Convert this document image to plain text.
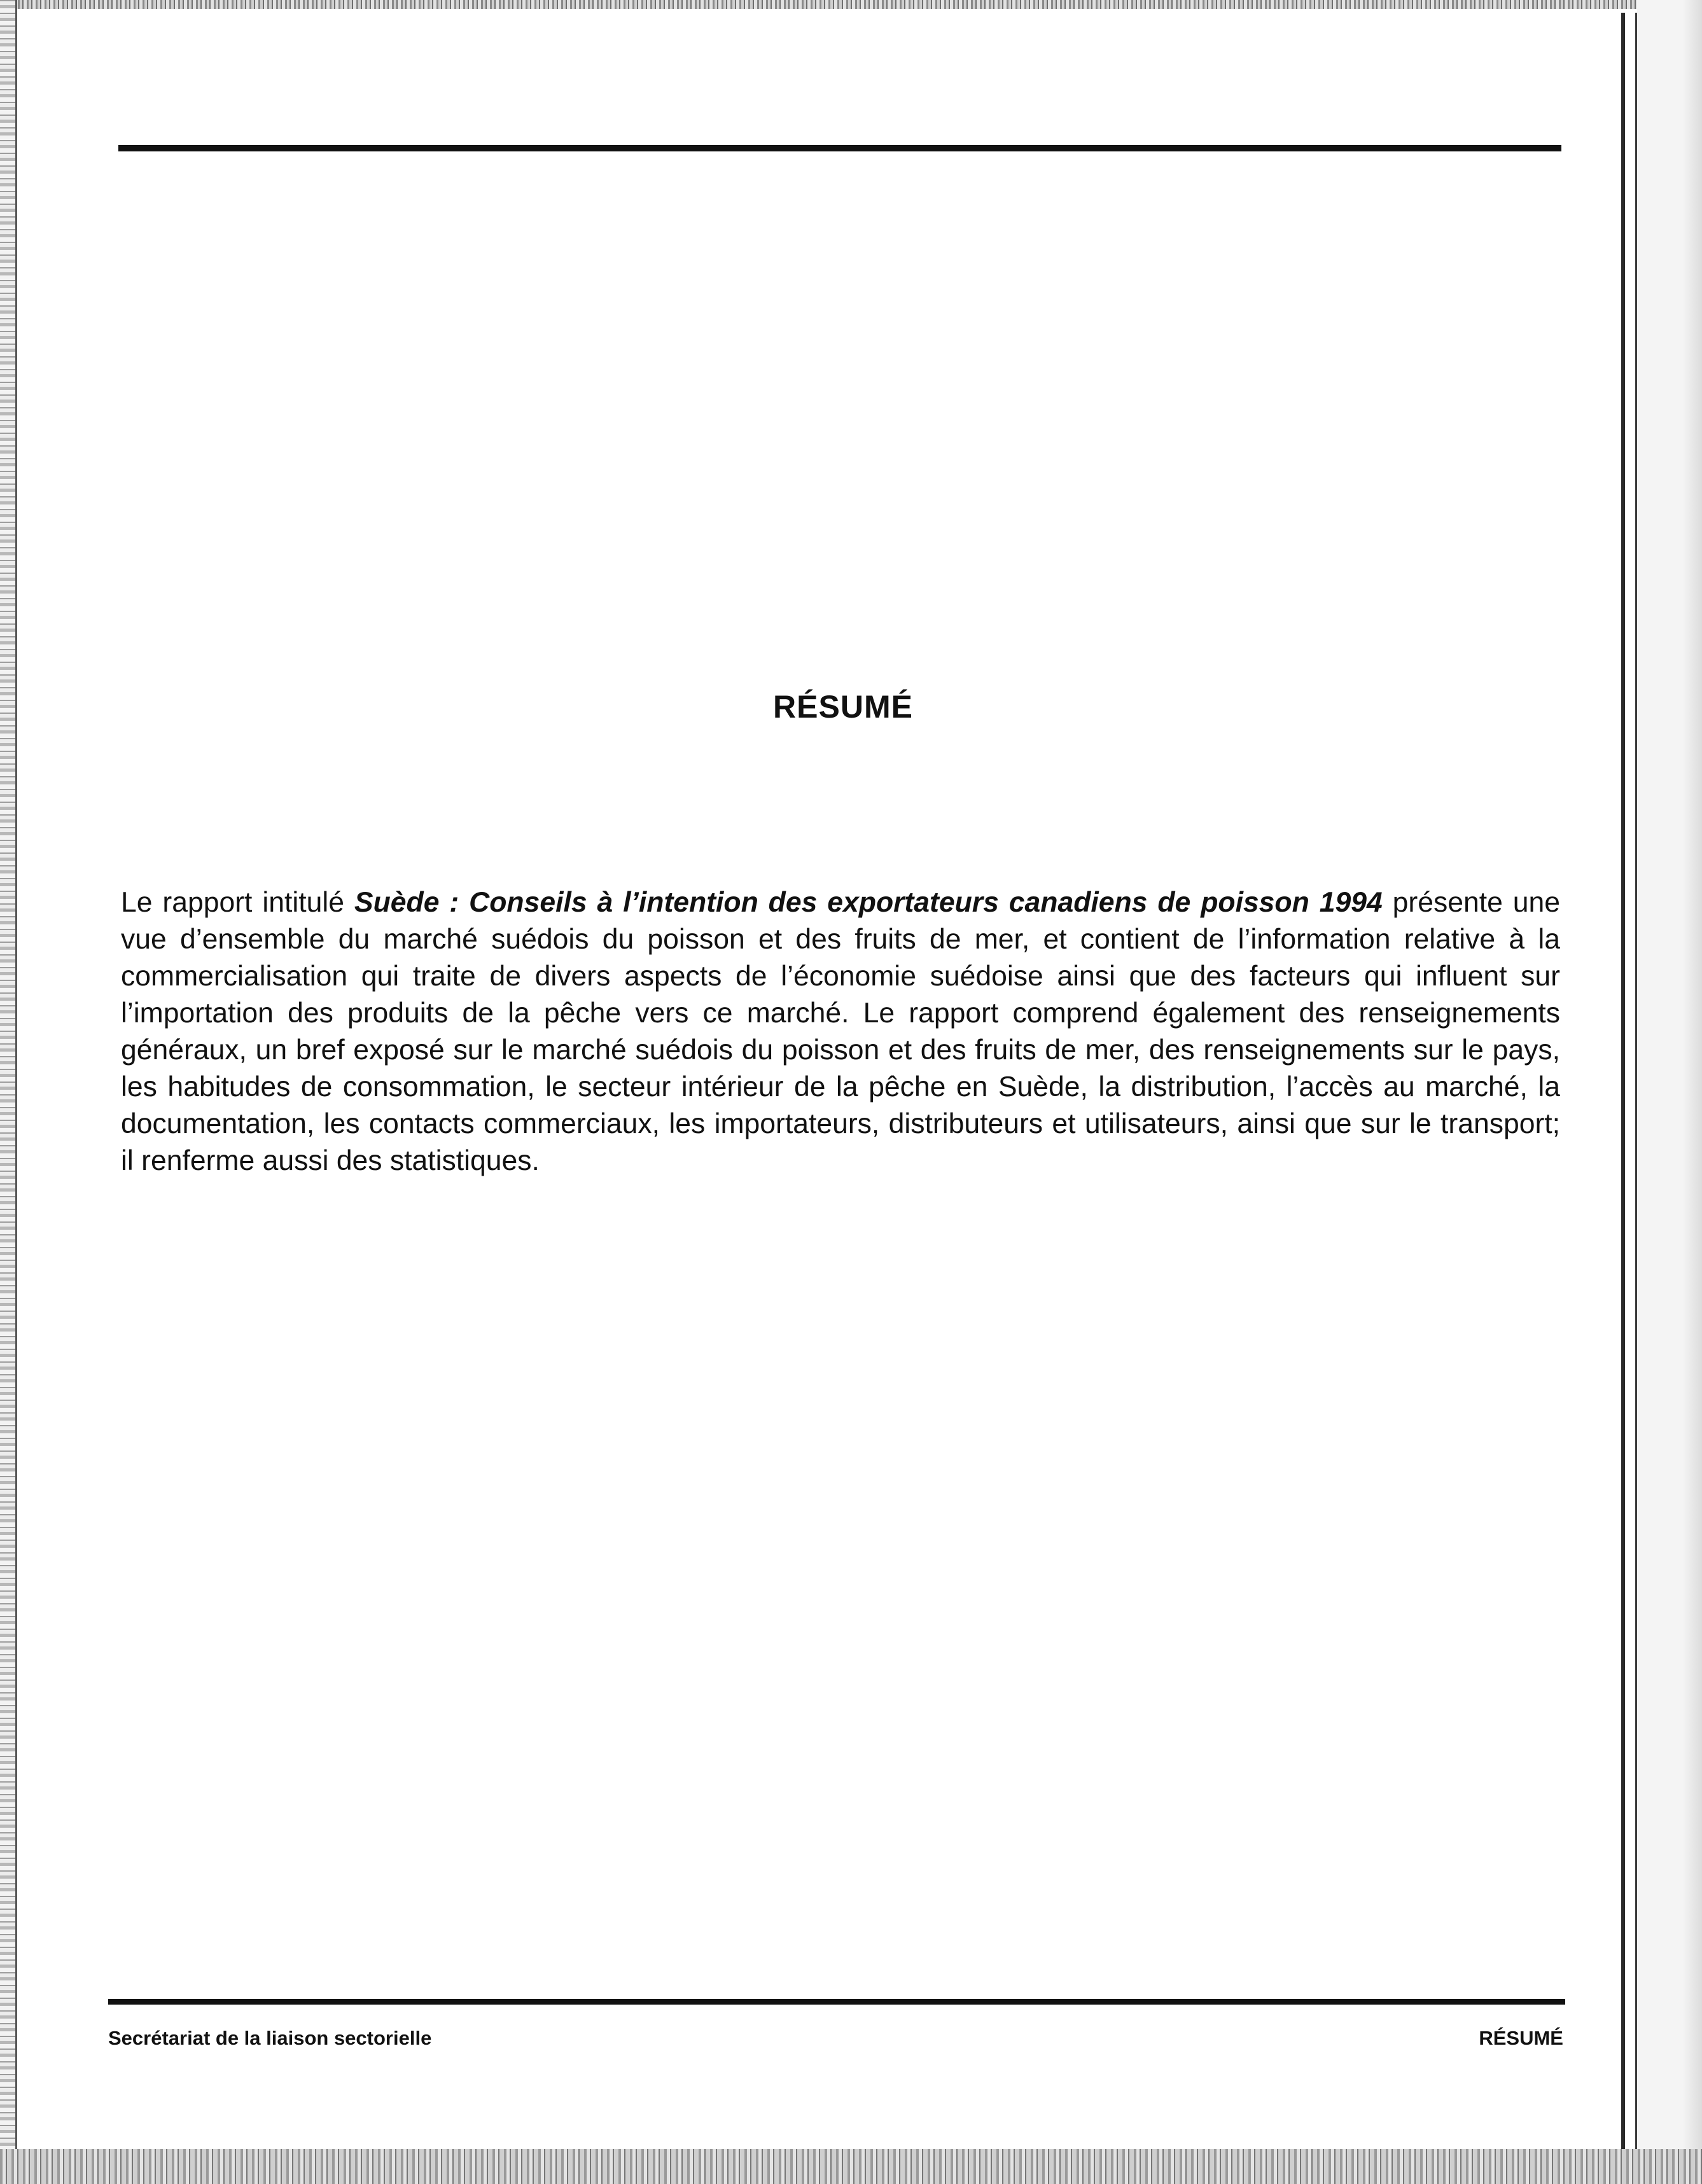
RÉSUMÉ

Le rapport intitulé Suède : Conseils à l’intention des exportateurs canadiens de poisson 1994 présente une vue d’ensemble du marché suédois du poisson et des fruits de mer, et contient de l’information relative à la commercialisation qui traite de divers aspects de l’économie suédoise ainsi que des facteurs qui influent sur l’importation des produits de la pêche vers ce marché. Le rapport comprend également des renseignements généraux, un bref exposé sur le marché suédois du poisson et des fruits de mer, des renseignements sur le pays, les habitudes de consommation, le secteur intérieur de la pêche en Suède, la distribution, l’accès au marché, la documentation, les contacts commerciaux, les importateurs, distributeurs et utilisateurs, ainsi que sur le transport; il renferme aussi des statistiques.

Secrétariat de la liaison sectorielle	RÉSUMÉ
